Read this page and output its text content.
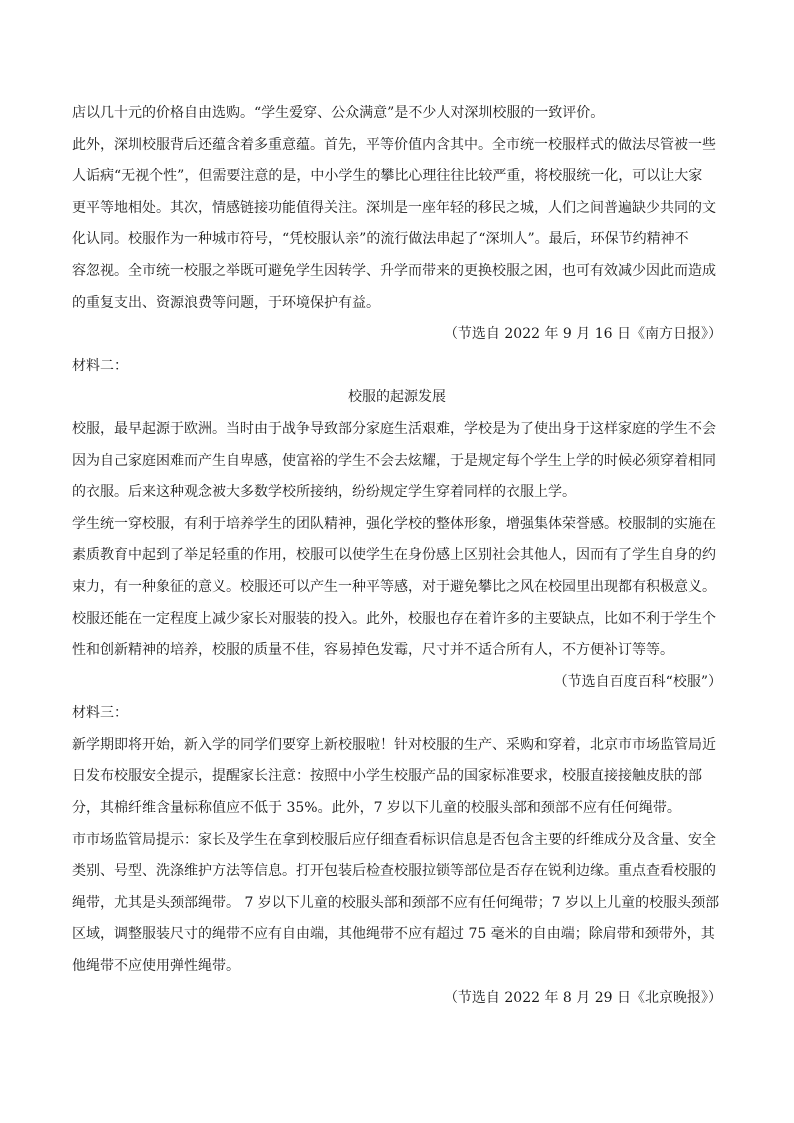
店以几十元的价格自由选购。“学生爱穿、公众满意”是不少人对深圳校服的一致评价。
此外，深圳校服背后还蕴含着多重意蕴。首先，平等价值内含其中。全市统一校服样式的做法尽管被一些
人诟病“无视个性”，但需要注意的是，中小学生的攀比心理往往比较严重，将校服统一化，可以让大家
更平等地相处。其次，情感链接功能值得关注。深圳是一座年轻的移民之城，人们之间普遍缺少共同的文
化认同。校服作为一种城市符号，“凭校服认亲”的流行做法串起了“深圳人”。最后，环保节约精神不
容忽视。全市统一校服之举既可避免学生因转学、升学而带来的更换校服之困，也可有效减少因此而造成
的重复支出、资源浪费等问题，于环境保护有益。
（节选自 2022 年 9 月 16 日《南方日报》）
材料二：
校服的起源发展
校服，最早起源于欧洲。当时由于战争导致部分家庭生活艰难，学校是为了使出身于这样家庭的学生不会
因为自己家庭困难而产生自卑感，使富裕的学生不会去炫耀，于是规定每个学生上学的时候必须穿着相同
的衣服。后来这种观念被大多数学校所接纳，纷纷规定学生穿着同样的衣服上学。
学生统一穿校服，有利于培养学生的团队精神，强化学校的整体形象，增强集体荣誉感。校服制的实施在
素质教育中起到了举足轻重的作用，校服可以使学生在身份感上区别社会其他人，因而有了学生自身的约
束力，有一种象征的意义。校服还可以产生一种平等感，对于避免攀比之风在校园里出现都有积极意义。
校服还能在一定程度上减少家长对服装的投入。此外，校服也存在着许多的主要缺点，比如不利于学生个
性和创新精神的培养，校服的质量不佳，容易掉色发霉，尺寸并不适合所有人，不方便补订等等。
（节选自百度百科“校服”）
材料三：
新学期即将开始，新入学的同学们要穿上新校服啦！针对校服的生产、采购和穿着，北京市市场监管局近
日发布校服安全提示，提醒家长注意：按照中小学生校服产品的国家标准要求，校服直接接触皮肤的部
分，其棉纤维含量标称值应不低于 35%。此外，7 岁以下儿童的校服头部和颈部不应有任何绳带。
市市场监管局提示：家长及学生在拿到校服后应仔细查看标识信息是否包含主要的纤维成分及含量、安全
类别、号型、洗涤维护方法等信息。打开包装后检查校服拉锁等部位是否存在锐利边缘。重点查看校服的
绳带，尤其是头颈部绳带。 7 岁以下儿童的校服头部和颈部不应有任何绳带；7 岁以上儿童的校服头颈部
区域，调整服装尺寸的绳带不应有自由端，其他绳带不应有超过 75 毫米的自由端；除肩带和颈带外，其
他绳带不应使用弹性绳带。
（节选自 2022 年 8 月 29 日《北京晚报》）
